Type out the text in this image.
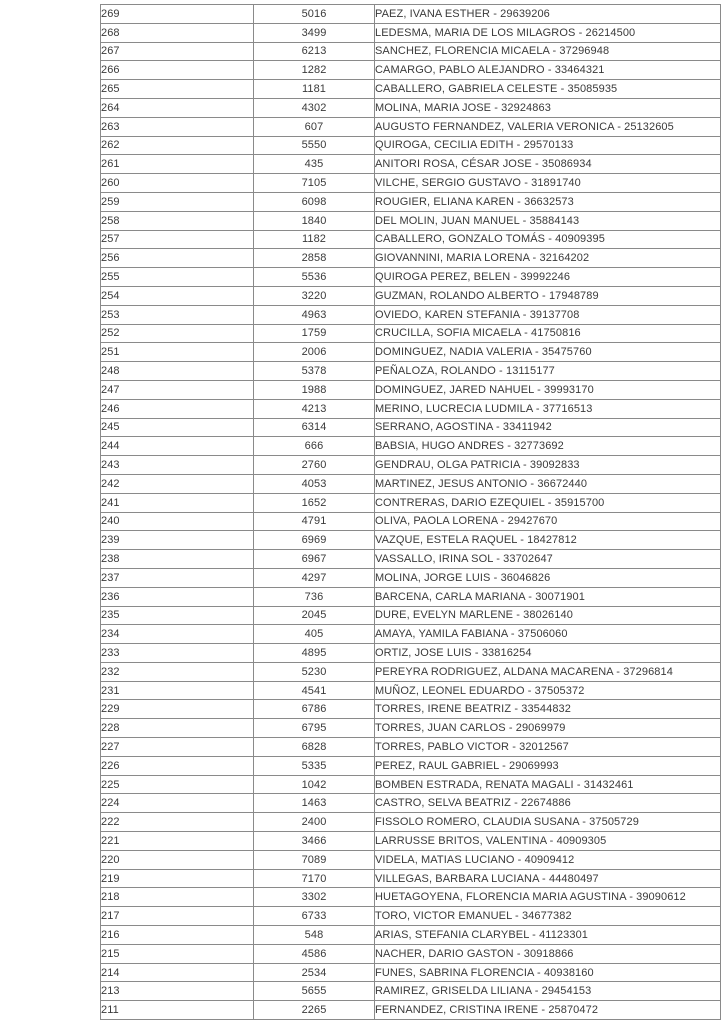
269	5016	PAEZ, IVANA ESTHER - 29639206
268	3499	LEDESMA, MARIA DE LOS MILAGROS - 26214500
267	6213	SANCHEZ, FLORENCIA MICAELA - 37296948
266	1282	CAMARGO, PABLO ALEJANDRO - 33464321
265	1181	CABALLERO, GABRIELA CELESTE - 35085935
264	4302	MOLINA, MARIA JOSE - 32924863
263	607	AUGUSTO FERNANDEZ, VALERIA VERONICA - 25132605
262	5550	QUIROGA, CECILIA EDITH - 29570133
261	435	ANITORI ROSA, CÉSAR JOSE - 35086934
260	7105	VILCHE, SERGIO GUSTAVO - 31891740
259	6098	ROUGIER, ELIANA KAREN - 36632573
258	1840	DEL MOLIN, JUAN MANUEL - 35884143
257	1182	CABALLERO, GONZALO TOMÁS - 40909395
256	2858	GIOVANNINI, MARIA LORENA - 32164202
255	5536	QUIROGA PEREZ, BELEN - 39992246
254	3220	GUZMAN, ROLANDO ALBERTO - 17948789
253	4963	OVIEDO, KAREN STEFANIA - 39137708
252	1759	CRUCILLA, SOFIA MICAELA - 41750816
251	2006	DOMINGUEZ, NADIA VALERIA - 35475760
248	5378	PEÑALOZA, ROLANDO - 13115177
247	1988	DOMINGUEZ, JARED NAHUEL - 39993170
246	4213	MERINO, LUCRECIA LUDMILA - 37716513
245	6314	SERRANO, AGOSTINA - 33411942
244	666	BABSIA, HUGO ANDRES - 32773692
243	2760	GENDRAU, OLGA PATRICIA - 39092833
242	4053	MARTINEZ, JESUS ANTONIO - 36672440
241	1652	CONTRERAS, DARIO EZEQUIEL - 35915700
240	4791	OLIVA, PAOLA LORENA - 29427670
239	6969	VAZQUE, ESTELA RAQUEL - 18427812
238	6967	VASSALLO, IRINA SOL - 33702647
237	4297	MOLINA, JORGE LUIS - 36046826
236	736	BARCENA, CARLA MARIANA - 30071901
235	2045	DURE, EVELYN MARLENE - 38026140
234	405	AMAYA, YAMILA FABIANA - 37506060
233	4895	ORTIZ, JOSE LUIS - 33816254
232	5230	PEREYRA RODRIGUEZ, ALDANA MACARENA - 37296814
231	4541	MUÑOZ, LEONEL EDUARDO - 37505372
229	6786	TORRES, IRENE BEATRIZ - 33544832
228	6795	TORRES, JUAN CARLOS - 29069979
227	6828	TORRES, PABLO VICTOR - 32012567
226	5335	PEREZ, RAUL GABRIEL - 29069993
225	1042	BOMBEN ESTRADA, RENATA MAGALI - 31432461
224	1463	CASTRO, SELVA BEATRIZ - 22674886
222	2400	FISSOLO ROMERO, CLAUDIA SUSANA - 37505729
221	3466	LARRUSSE BRITOS, VALENTINA - 40909305
220	7089	VIDELA, MATIAS LUCIANO - 40909412
219	7170	VILLEGAS, BARBARA LUCIANA - 44480497
218	3302	HUETAGOYENA, FLORENCIA MARIA AGUSTINA - 39090612
217	6733	TORO, VICTOR EMANUEL - 34677382
216	548	ARIAS, STEFANIA CLARYBEL - 41123301
215	4586	NACHER, DARIO GASTON - 30918866
214	2534	FUNES, SABRINA FLORENCIA - 40938160
213	5655	RAMIREZ, GRISELDA LILIANA - 29454153
211	2265	FERNANDEZ, CRISTINA IRENE - 25870472
